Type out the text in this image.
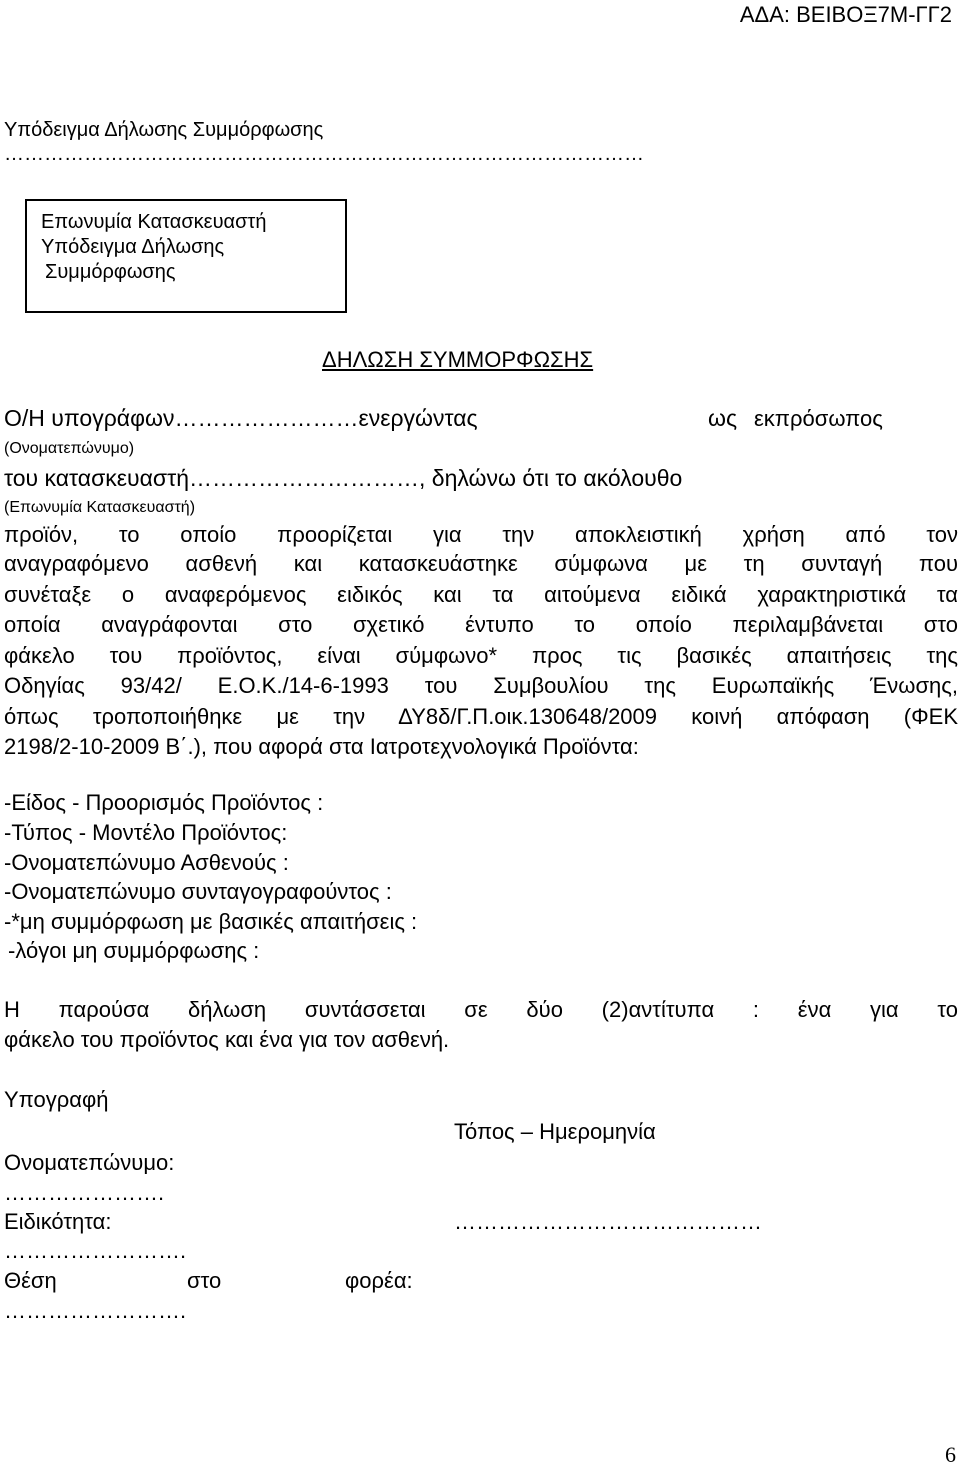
ΑΔΑ: ΒΕΙΒΟΞ7Μ-ΓΓ2
Υπόδειγμα Δήλωσης Συμμόρφωσης
……………………………………………………………………………………
Επωνυμία Κατασκευαστή
Υπόδειγμα Δήλωσης
Συμμόρφωσης
ΔΗΛΩΣΗ ΣΥΜΜΟΡΦΩΣΗΣ
Ο/Η υπογράφων……………………ενεργώντας	ως εκπρόσωπος
(Ονοματεπώνυμο)
του κατασκευαστή…………………………, δηλώνω ότι το ακόλουθο
(Επωνυμία Κατασκευαστή)
προϊόν, το οποίο προορίζεται για την αποκλειστική χρήση από τον
αναγραφόμενο ασθενή και κατασκευάστηκε σύμφωνα με τη συνταγή που
συνέταξε ο αναφερόμενος ειδικός και τα αιτούμενα ειδικά χαρακτηριστικά τα
οποία αναγράφονται στο σχετικό έντυπο το οποίο περιλαμβάνεται στο
φάκελο του προϊόντος, είναι σύμφωνο* προς τις βασικές απαιτήσεις της
Οδηγίας 93/42/ Ε.Ο.Κ./14-6-1993 του Συμβουλίου της Ευρωπαϊκής Ένωσης,
όπως τροποποιήθηκε με την ΔΥ8δ/Γ.Π.οικ.130648/2009 κοινή απόφαση (ΦΕΚ
2198/2-10-2009 Β΄.), που αφορά στα Ιατροτεχνολογικά Προϊόντα:
-Είδος - Προορισμός Προϊόντος :
-Τύπος - Μοντέλο Προϊόντος:
-Ονοματεπώνυμο Ασθενούς :
-Ονοματεπώνυμο συνταγογραφούντος :
-*μη συμμόρφωση με βασικές απαιτήσεις :
-λόγοι μη συμμόρφωσης :
Η παρούσα δήλωση συντάσσεται σε δύο (2)αντίτυπα : ένα για το
φάκελο του προϊόντος και ένα για τον ασθενή.
Υπογραφή
Τόπος – Ημερομηνία
Ονοματεπώνυμο:
………………….
Ειδικότητα:	……………………………………
…………………….
Θέση	στο	φορέα:
…………………….
6
